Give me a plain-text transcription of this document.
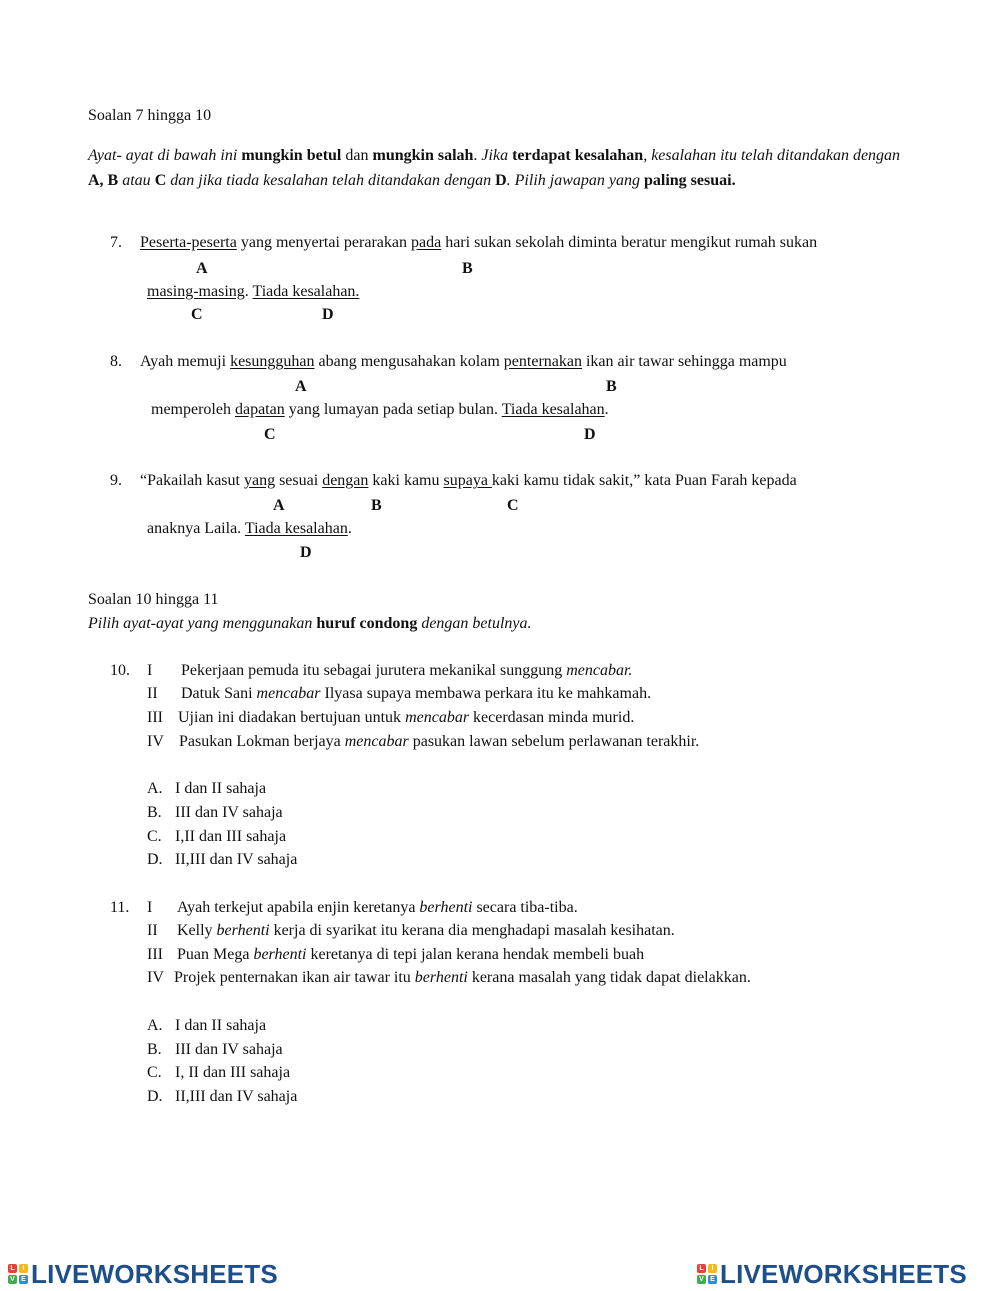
Soalan 7 hingga 10
Ayat- ayat di bawah ini mungkin betul dan mungkin salah. Jika terdapat kesalahan, kesalahan itu telah ditandakan dengan A, B atau C dan jika tiada kesalahan telah ditandakan dengan D. Pilih jawapan yang paling sesuai.
7. Peserta-peserta yang menyertai perarakan pada hari sukan sekolah diminta beratur mengikut rumah sukan
A	B
masing-masing. Tiada kesalahan.
C	D
8. Ayah memuji kesungguhan abang mengusahakan kolam penternakan ikan air tawar sehingga mampu
A	B
memperoleh dapatan yang lumayan pada setiap bulan. Tiada kesalahan.
C	D
9. “Pakailah kasut yang sesuai dengan kaki kamu supaya kaki kamu tidak sakit,” kata Puan Farah kepada
A	B	C
anaknya Laila. Tiada kesalahan.
D
Soalan 10 hingga 11
Pilih ayat-ayat yang menggunakan huruf condong dengan betulnya.
10. I Pekerjaan pemuda itu sebagai jurutera mekanikal sunggung mencabar.
II Datuk Sani mencabar Ilyasa supaya membawa perkara itu ke mahkamah.
III Ujian ini diadakan bertujuan untuk mencabar kecerdasan minda murid.
IV Pasukan Lokman berjaya mencabar pasukan lawan sebelum perlawanan terakhir.
A. I dan II sahaja
B. III dan IV sahaja
C. I,II dan III sahaja
D. II,III dan IV sahaja
11. I Ayah terkejut apabila enjin keretanya berhenti secara tiba-tiba.
II Kelly berhenti kerja di syarikat itu kerana dia menghadapi masalah kesihatan.
III Puan Mega berhenti keretanya di tepi jalan kerana hendak membeli buah
IV Projek penternakan ikan air tawar itu berhenti kerana masalah yang tidak dapat dielakkan.
A. I dan II sahaja
B. III dan IV sahaja
C. I, II dan III sahaja
D. II,III dan IV sahaja
L	I
V E LIVEWORKSHEETS	L	I
V E LIVEWORKSHEETS
